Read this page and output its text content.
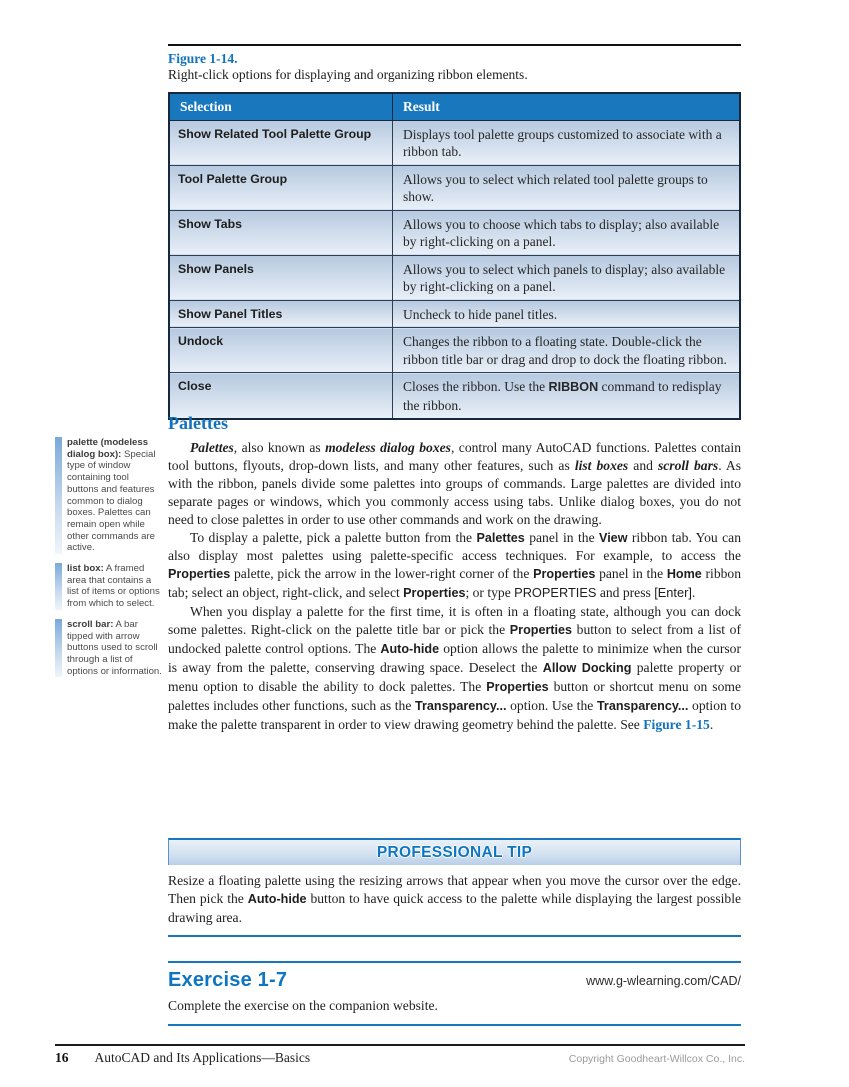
Figure 1-14.
Right-click options for displaying and organizing ribbon elements.
Selection	Result
Show Related Tool Palette Group	Displays tool palette groups customized to associate with a ribbon tab.
Tool Palette Group	Allows you to select which related tool palette groups to show.
Show Tabs	Allows you to choose which tabs to display; also available by right-clicking on a panel.
Show Panels	Allows you to select which panels to display; also available by right-clicking on a panel.
Show Panel Titles	Uncheck to hide panel titles.
Undock	Changes the ribbon to a floating state. Double-click the ribbon title bar or drag and drop to dock the floating ribbon.
Close	Closes the ribbon. Use the RIBBON command to redisplay the ribbon.
palette (modeless dialog box): Special type of window containing tool buttons and features common to dialog boxes. Palettes can remain open while other commands are active.
list box: A framed area that contains a list of items or options from which to select.
scroll bar: A bar tipped with arrow buttons used to scroll through a list of options or information.
Palettes

Palettes, also known as modeless dialog boxes, control many AutoCAD functions. Palettes contain tool buttons, flyouts, drop-down lists, and many other features, such as list boxes and scroll bars. As with the ribbon, panels divide some palettes into groups of commands. Large palettes are divided into separate pages or windows, which you commonly access using tabs. Unlike dialog boxes, you do not need to close palettes in order to use other commands and work on the drawing.

To display a palette, pick a palette button from the Palettes panel in the View ribbon tab. You can also display most palettes using palette-specific access techniques. For example, to access the Properties palette, pick the arrow in the lower-right corner of the Properties panel in the Home ribbon tab; select an object, right-click, and select Properties; or type PROPERTIES and press [Enter].

When you display a palette for the first time, it is often in a floating state, although you can dock some palettes. Right-click on the palette title bar or pick the Properties button to select from a list of undocked palette control options. The Auto-hide option allows the palette to minimize when the cursor is away from the palette, conserving drawing space. Deselect the Allow Docking palette property or menu option to disable the ability to dock palettes. The Properties button or shortcut menu on some palettes includes other functions, such as the Transparency... option. Use the Transparency... option to make the palette transparent in order to view drawing geometry behind the palette. See Figure 1-15.

PROFESSIONAL TIP

Resize a floating palette using the resizing arrows that appear when you move the cursor over the edge. Then pick the Auto-hide button to have quick access to the palette while displaying the largest possible drawing area.

Exercise 1-7	www.g-wlearning.com/CAD/
Complete the exercise on the companion website.
16 AutoCAD and Its Applications—Basics	Copyright Goodheart-Willcox Co., Inc.
